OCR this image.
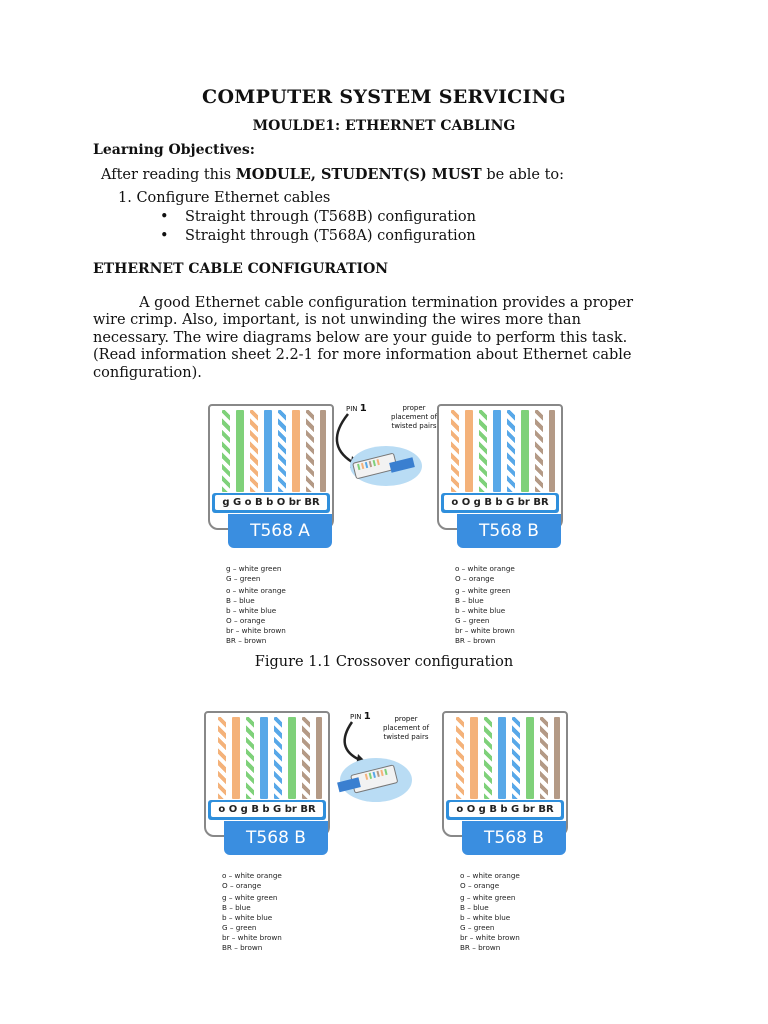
COMPUTER SYSTEM SERVICING
MOULDE1: ETHERNET CABLING
Learning Objectives:
After reading this MODULE, STUDENT(S) MUST be able to:
1. Configure Ethernet cables
• Straight through (T568B) configuration
• Straight through (T568A) configuration
ETHERNET CABLE CONFIGURATION
A good Ethernet cable configuration termination provides a proper
wire crimp. Also, important, is not unwinding the wires more than
necessary. The wire diagrams below are your guide to perform this task.
(Read information sheet 2.2-1 for more information about Ethernet cable
configuration).
g G o B b O br BR
T568 A
g – white green
G – green
o – white orange
B – blue
b – white blue
O – orange
br – white brown
BR – brown
PIN 1	proper
placement of
twisted pairs
o O g B b G br BR
T568 B
o – white orange
O – orange
g – white green
B – blue
b – white blue
G – green
br – white brown
BR – brown
Figure 1.1 Crossover configuration
o O g B b G br BR
T568 B
o – white orange
O – orange
g – white green
B – blue
b – white blue
G – green
br – white brown
BR – brown
PIN 1	proper
placement of
twisted pairs
o O g B b G br BR
T568 B
o – white orange
O – orange
g – white green
B – blue
b – white blue
G – green
br – white brown
BR – brown
